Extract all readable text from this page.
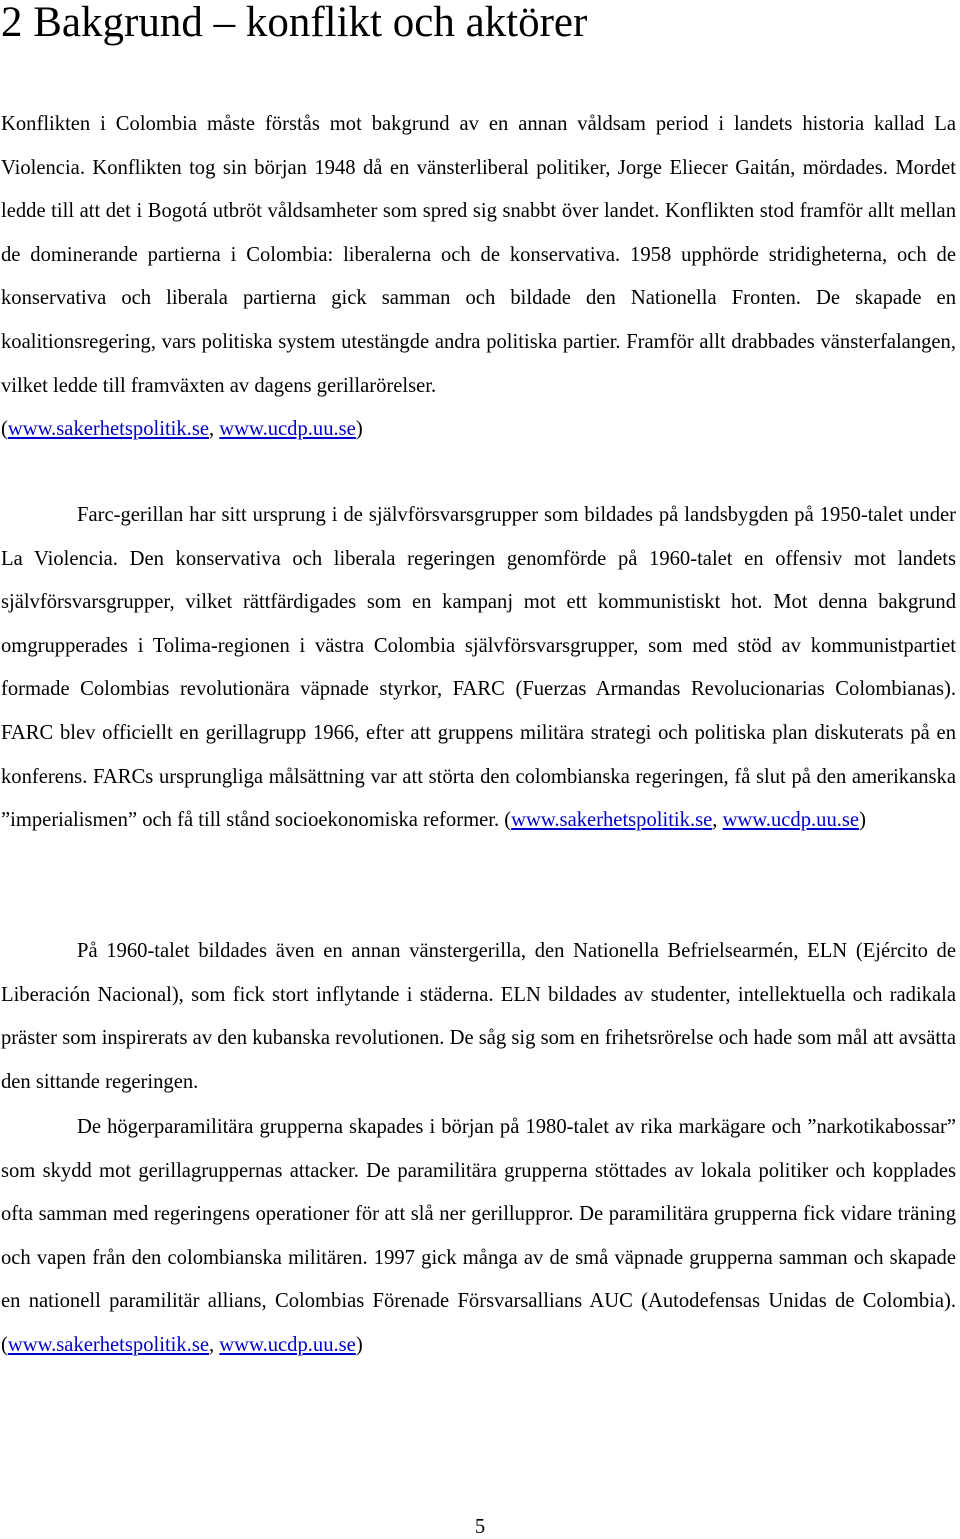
2 Bakgrund – konflikt och aktörer

Konflikten i Colombia måste förstås mot bakgrund av en annan våldsam period i landets historia kallad La Violencia. Konflikten tog sin början 1948 då en vänsterliberal politiker, Jorge Eliecer Gaitán, mördades. Mordet ledde till att det i Bogotá utbröt våldsamheter som spred sig snabbt över landet. Konflikten stod framför allt mellan de dominerande partierna i Colombia: liberalerna och de konservativa. 1958 upphörde stridigheterna, och de konservativa och liberala partierna gick samman och bildade den Nationella Fronten. De skapade en koalitionsregering, vars politiska system utestängde andra politiska partier. Framför allt drabbades vänsterfalangen, vilket ledde till framväxten av dagens gerillarörelser.
(www.sakerhetspolitik.se, www.ucdp.uu.se)

Farc-gerillan har sitt ursprung i de självförsvarsgrupper som bildades på landsbygden på 1950-talet under La Violencia. Den konservativa och liberala regeringen genomförde på 1960-talet en offensiv mot landets självförsvarsgrupper, vilket rättfärdigades som en kampanj mot ett kommunistiskt hot. Mot denna bakgrund omgrupperades i Tolima-regionen i västra Colombia självförsvarsgrupper, som med stöd av kommunistpartiet formade Colombias revolutionära väpnade styrkor, FARC (Fuerzas Armandas Revolucionarias Colombianas). FARC blev officiellt en gerillagrupp 1966, efter att gruppens militära strategi och politiska plan diskuterats på en konferens. FARCs ursprungliga målsättning var att störta den colombianska regeringen, få slut på den amerikanska ”imperialismen” och få till stånd socioekonomiska reformer. (www.sakerhetspolitik.se, www.ucdp.uu.se)

På 1960-talet bildades även en annan vänstergerilla, den Nationella Befrielsearmén, ELN (Ejército de Liberación Nacional), som fick stort inflytande i städerna. ELN bildades av studenter, intellektuella och radikala präster som inspirerats av den kubanska revolutionen. De såg sig som en frihetsrörelse och hade som mål att avsätta den sittande regeringen.

De högerparamilitära grupperna skapades i början på 1980-talet av rika markägare och ”narkotikabossar” som skydd mot gerillagruppernas attacker. De paramilitära grupperna stöttades av lokala politiker och kopplades ofta samman med regeringens operationer för att slå ner gerilluppror. De paramilitära grupperna fick vidare träning och vapen från den colombianska militären. 1997 gick många av de små väpnade grupperna samman och skapade en nationell paramilitär allians, Colombias Förenade Försvarsallians AUC (Autodefensas Unidas de Colombia). (www.sakerhetspolitik.se, www.ucdp.uu.se)

5
